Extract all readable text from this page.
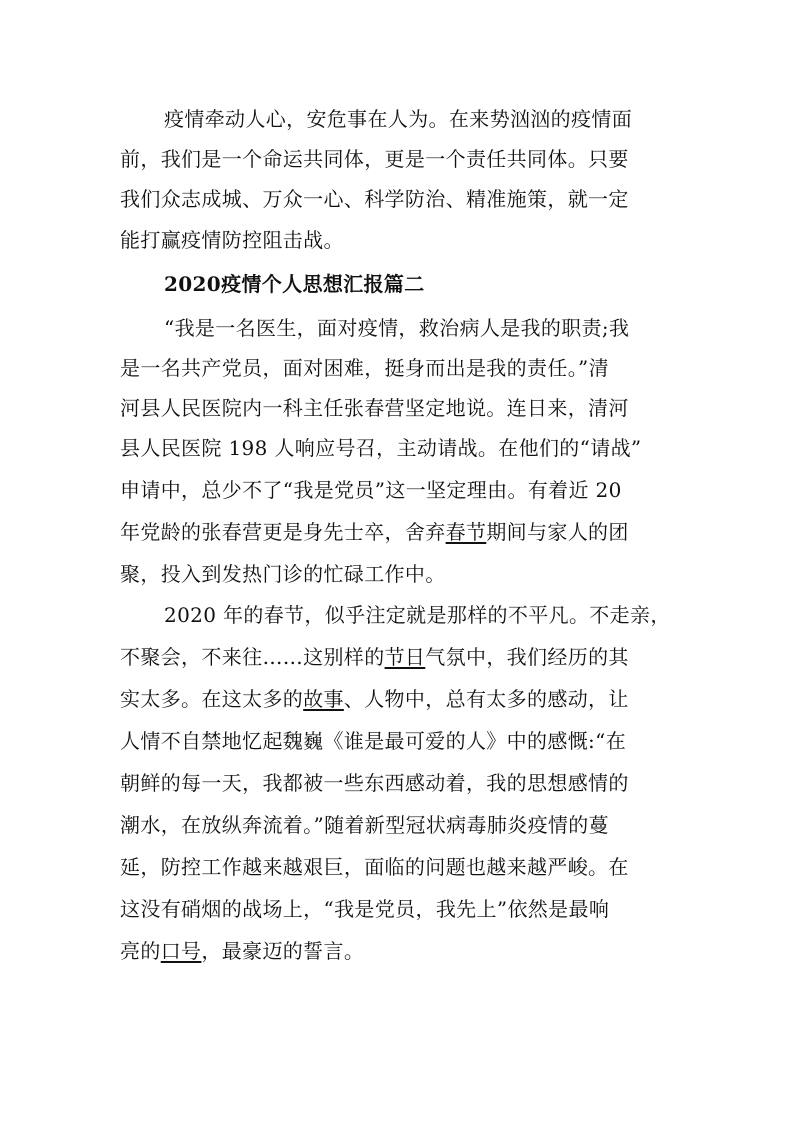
疫情牵动人心，安危事在人为。在来势汹汹的疫情面
前，我们是一个命运共同体，更是一个责任共同体。只要
我们众志成城、万众一心、科学防治、精准施策，就一定
能打赢疫情防控阻击战。
2020疫情个人思想汇报篇二
“我是一名医生，面对疫情，救治病人是我的职责;我
是一名共产党员，面对困难，挺身而出是我的责任。”清
河县人民医院内一科主任张春营坚定地说。连日来，清河
县人民医院 198 人响应号召，主动请战。在他们的“请战”
申请中，总少不了“我是党员”这一坚定理由。有着近 20
年党龄的张春营更是身先士卒，舍弃春节期间与家人的团
聚，投入到发热门诊的忙碌工作中。
2020 年的春节，似乎注定就是那样的不平凡。不走亲，
不聚会，不来往……这别样的节日气氛中，我们经历的其
实太多。在这太多的故事、人物中，总有太多的感动，让
人情不自禁地忆起魏巍《谁是最可爱的人》中的感慨:“在
朝鲜的每一天，我都被一些东西感动着，我的思想感情的
潮水，在放纵奔流着。”随着新型冠状病毒肺炎疫情的蔓
延，防控工作越来越艰巨，面临的问题也越来越严峻。在
这没有硝烟的战场上，“我是党员，我先上”依然是最响
亮的口号，最豪迈的誓言。
